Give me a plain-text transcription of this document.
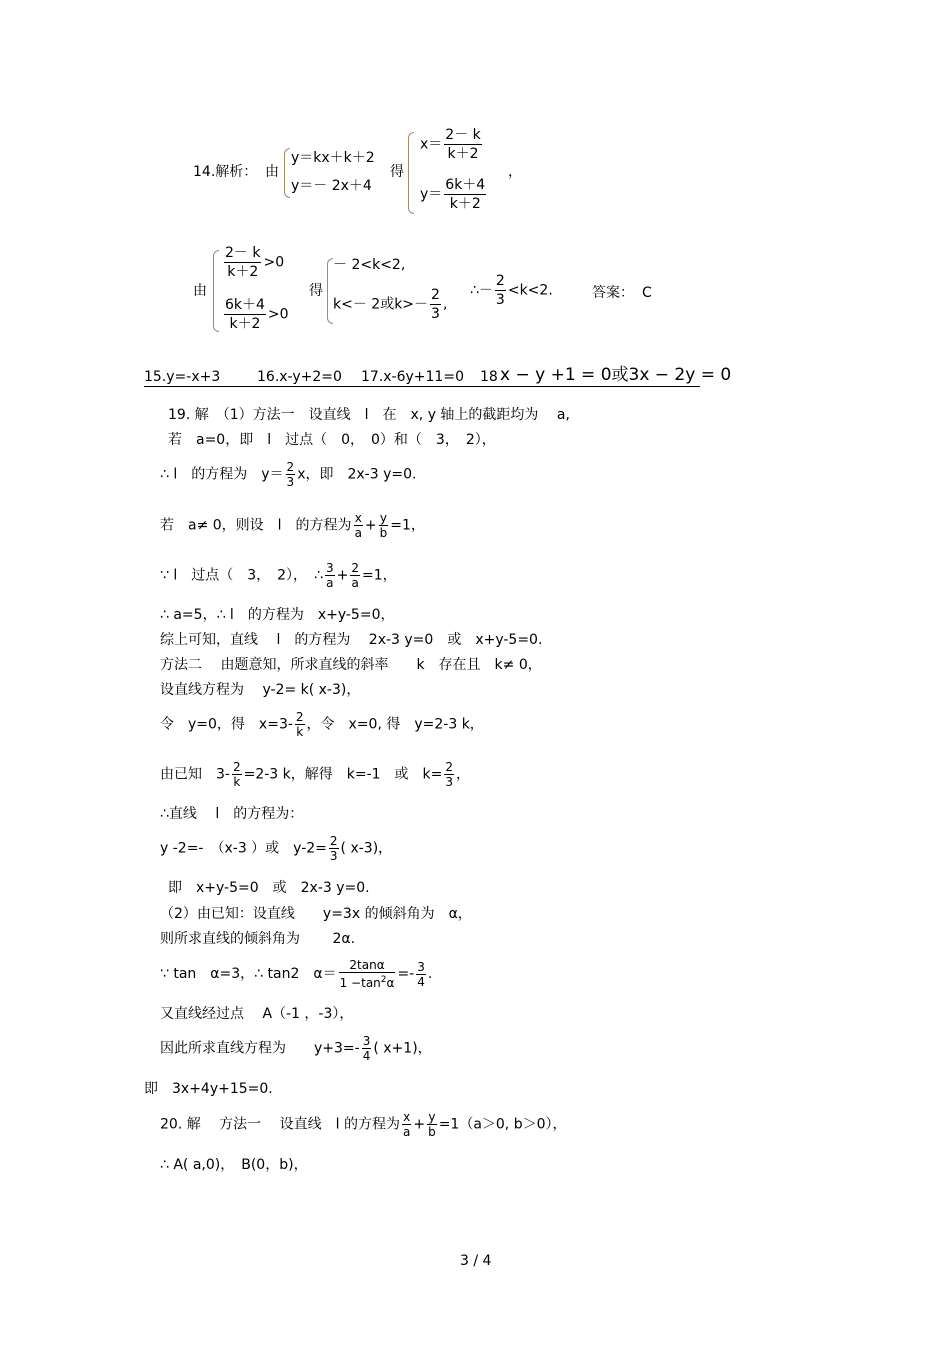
14.解析： 由
y＝kx＋k＋2
y＝－ 2x＋4
得
$x= \frac{2- k}{k+2}$
$y= \frac{6k+4}{k+2}$
，
由
$\frac{2- k}{k+2} >0$
$\frac{6k+4}{k+2} >0$
得
－ 2<k<2,
k<－ 2或$k>- \frac{2}{3}$ ,
∴－ $\frac{2}{3} <k<2$.	答案： C
15.y=-x+3	16.x-y+2=0 17.x-6y+11=0 18 x − y +1 = 0或3x − 2y = 0
19. 解　（1）方法一　设直线　l　在　x, y 轴上的截距均为　 a,
若　a=0，即　l　过点（　0，　0）和（　3，　2），
∴ l　的方程为　$y= \frac{2}{3}$ x，即　2x-3 y=0.
若　a≠ 0，则设　l　的方程为 $\frac{x}{a} + \frac{y}{b} =1$，
∵ l　过点（　3，　2），　∴ $\frac{3}{a} + \frac{2}{a} =1$，
∴ a=5，∴ l　的方程为　x+y-5=0，
综上可知，直线　 l　的方程为　 2x-3 y=0　或　x+y-5=0.
方法二　 由题意知，所求直线的斜率　　k　存在且　k≠ 0，
设直线方程为　 y-2= k( x-3)，
令　y=0，得　$x=3- \frac{2}{k}$ ，令　x=0, 得　y=2-3 k，
由已知　$3- \frac{2}{k} =2-3$ k，解得　k=-1　或　$k= \frac{2}{3}$ ，
∴直线　 l　的方程为：
y -2=-　（x-3 ）或　$y-2= \frac{2}{3}$ ( x-3)，
即　x+y-5=0　或　2x-3 y=0.
（2）由已知：设直线　　y=3x 的倾斜角为　α，
则所求直线的倾斜角为　　 2α.
∵ tan　α=3，∴ tan2　$\alpha= \frac{2\tan\alpha}{1 -\tan^2\alpha} =- \frac{3}{4}$ .
又直线经过点　 A（-1 ，-3），
因此所求直线方程为　　$y+3=- \frac{3}{4}$ ( x+1)，
即　3x+4y+15=0.
20. 解　 方法一　 设直线　l 的方程为 $\frac{x}{a} + \frac{y}{b} =1(a>0$, b＞0），
∴ A( a,0)，　B(0，b)，
3 / 4
